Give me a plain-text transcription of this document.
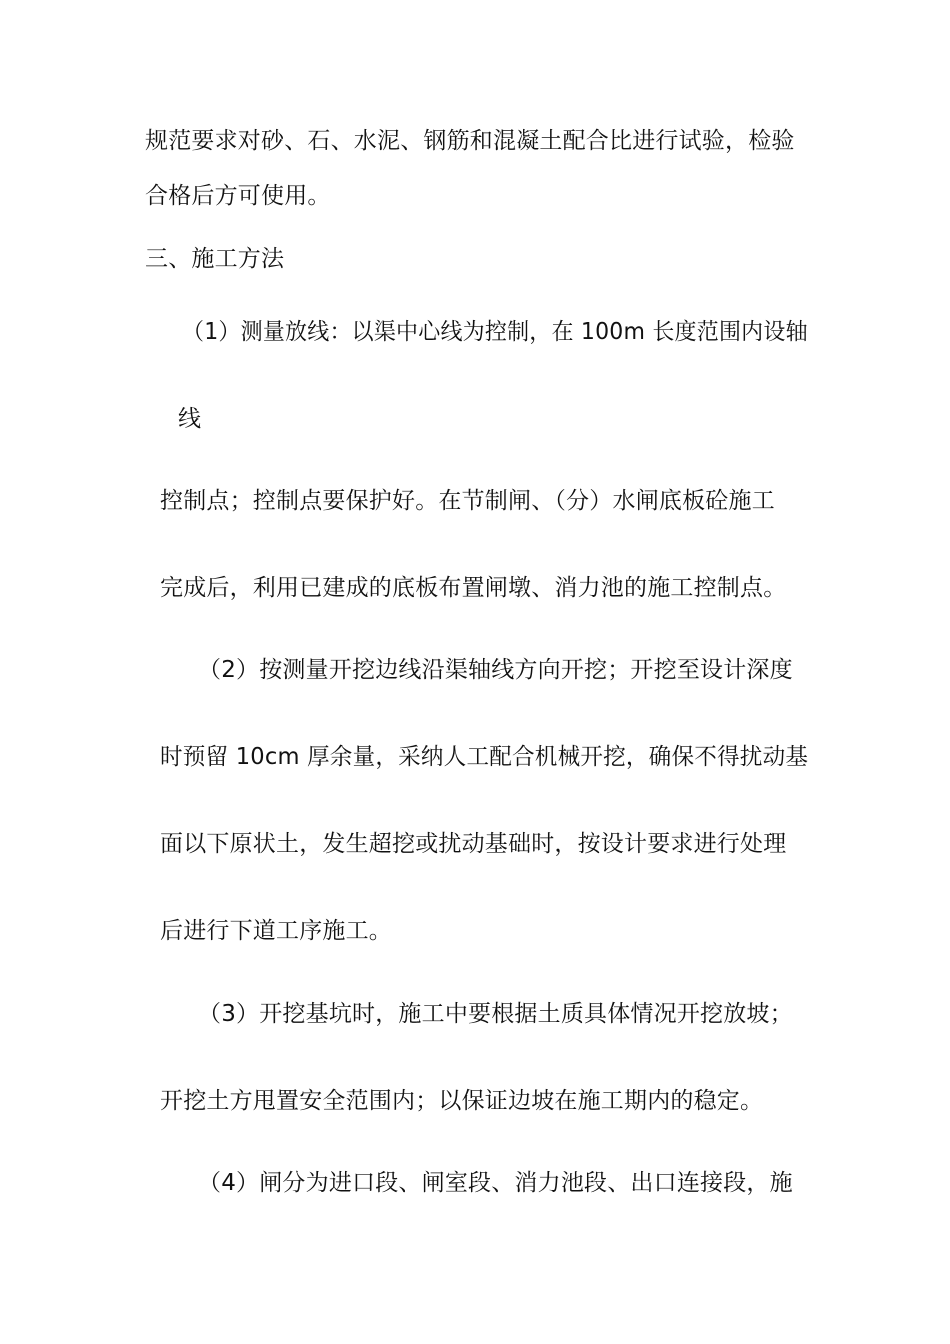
规范要求对砂、石、水泥、钢筋和混凝土配合比进行试验，检验
合格后方可使用。
三、施工方法
（1）测量放线：以渠中心线为控制，在 100m 长度范围内设轴
线
控制点；控制点要保护好。在节制闸、（分）水闸底板砼施工
完成后，利用已建成的底板布置闸墩、消力池的施工控制点。
（2）按测量开挖边线沿渠轴线方向开挖；开挖至设计深度
时预留 10cm 厚余量，采纳人工配合机械开挖，确保不得扰动基
面以下原状土，发生超挖或扰动基础时，按设计要求进行处理
后进行下道工序施工。
（3）开挖基坑时，施工中要根据土质具体情况开挖放坡；
开挖土方甩置安全范围内；以保证边坡在施工期内的稳定。
（4）闸分为进口段、闸室段、消力池段、出口连接段，施
